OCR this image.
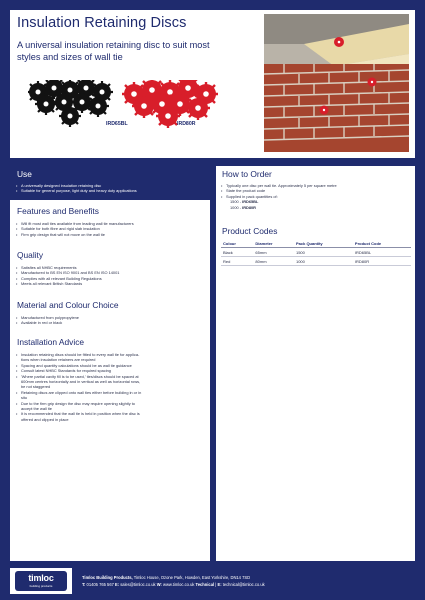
Insulation Retaining Discs
A universal insulation retaining disc to suit most styles and sizes of wall tie
IRD65BL	IRD80R
Use
• A universally designed insulation retaining disc
• Suitable for general purpose, light duty and heavy duty applications
Features and Benefits
• Will fit most wall ties available from leading wall tie manufacturers
• Suitable for both fibre and rigid slab insulation
• Firm grip design that will not move on the wall tie
Quality
• Satisfies all NHBC requirements
• Manufactured to BS EN ISO 9001 and BS EN ISO 14001
• Complies with all relevant Building Regulations
• Meets all relevant British Standards
Material and Colour Choice
• Manufactured from polypropylene
• Available in red or black
Installation Advice
• Insulation retaining discs should be fitted to every wall tie for applica-
tions when insulation retainers are required
• Spacing and quantity calculations should be as wall tie guidance
• Consult latest NHBC Standards for required spacing
• 'Where partial cavity fill is to be used,' ties/discs should be spaced at
600mm centres horizontally and in vertical as well as horizontal rows,
be not staggered
• Retaining discs are clipped onto wall ties either before building in or in
situ
• Due to the firm grip design the disc may require opening slightly to
accept the wall tie
• It is recommended that the wall tie is held in position when the disc is
offered and clipped in place
How to Order
• Typically one disc per wall tie. Approximately 5 per square metre
• State the product code
• Supplied in pack quantities of:
1500 - IRD65BL
1000 - IRD80R
Product Codes
Colour	Diameter	Pack Quantity	Product Code
Black	65mm	1500	IRD65BL
Red	80mm	1000	IRD80R
timloc
building products
Timloc Building Products, Timloc House, Ozone Park, Howden, East Yorkshire, DN14 7SD
T: 01405 765 567 E: sales@timloc.co.uk W: www.timloc.co.uk Technical | E: technical@timloc.co.uk
